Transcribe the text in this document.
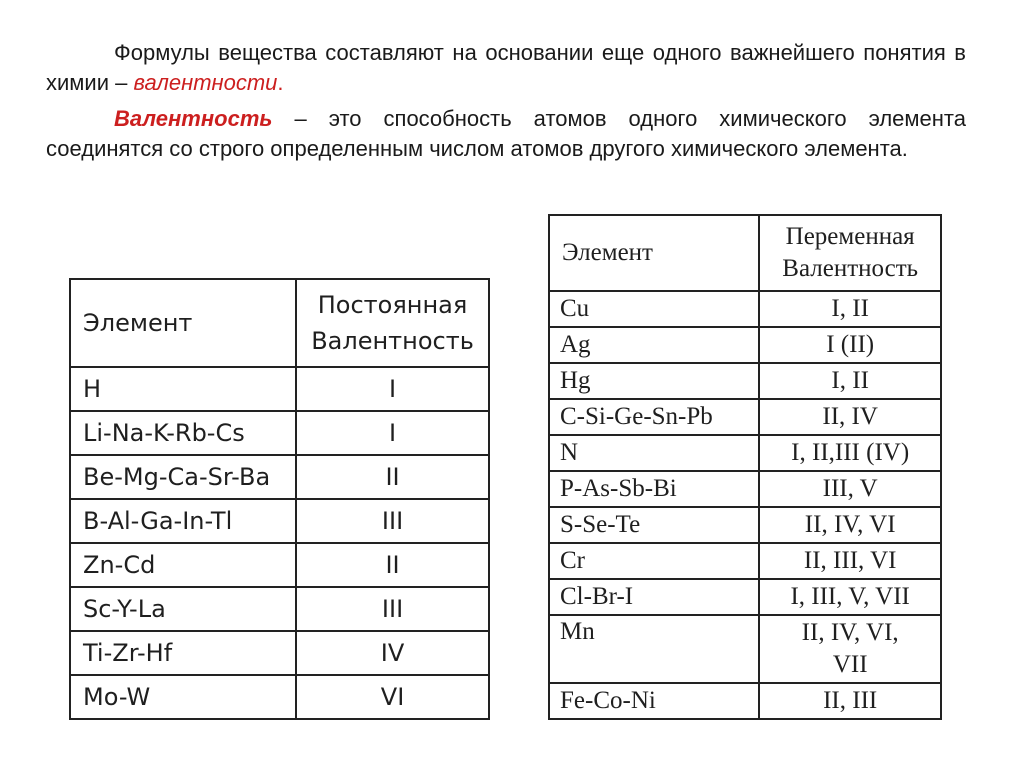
Формулы вещества составляют на основании еще одного важнейшего понятия в химии – валентности.

Валентность – это способность атомов одного химического элемента соединятся со строго определенным числом атомов другого химического элемента.

Элемент	Постоянная
Валентность
H	I
Li-Na-K-Rb-Cs	I
Be-Mg-Ca-Sr-Ba	II
B-Al-Ga-In-Tl	III
Zn-Cd	II
Sc-Y-La	III
Ti-Zr-Hf	IV
Mo-W	VI
Элемент	Переменная
Валентность
Cu	I, II
Ag	I (II)
Hg	I, II
C-Si-Ge-Sn-Pb	II, IV
N	I, II,III (IV)
P-As-Sb-Bi	III, V
S-Se-Te	II, IV, VI
Cr	II, III, VI
Cl-Br-I	I, III, V, VII
Mn	II, IV, VI,
VII
Fe-Co-Ni	II, III
